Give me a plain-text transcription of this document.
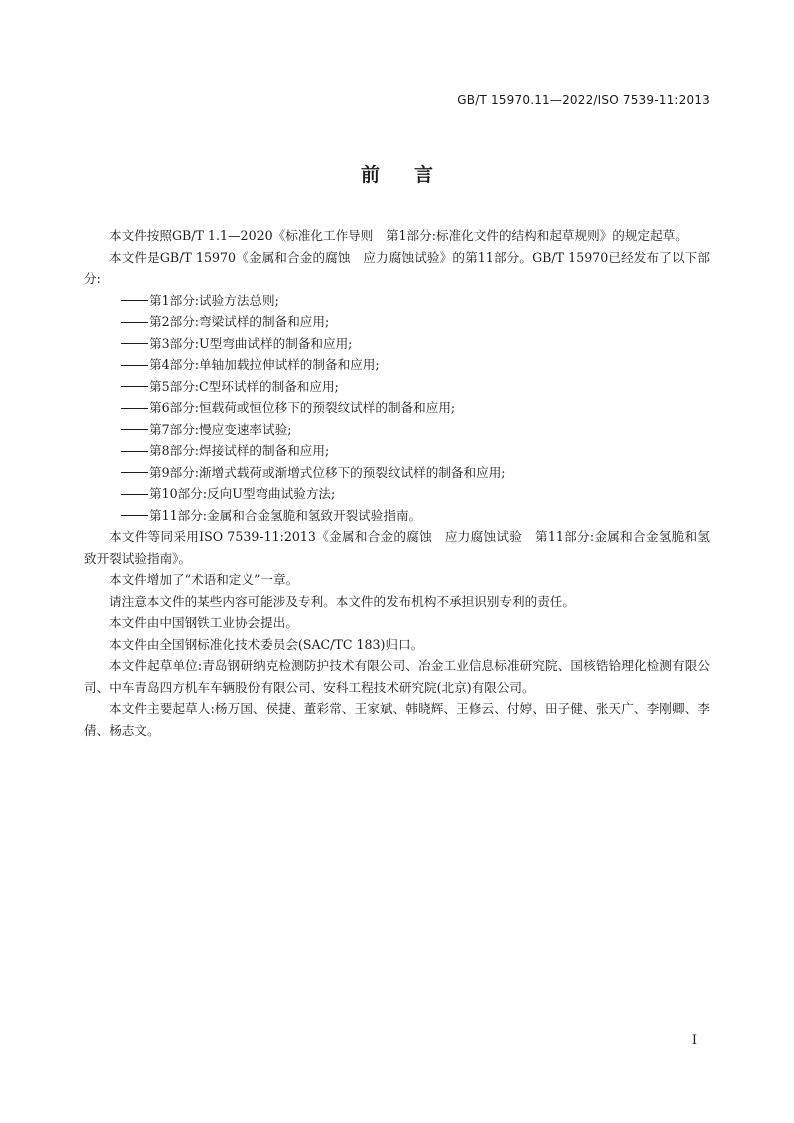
GB/T 15970.11—2022/ISO 7539-11:2013
前言

本文件按照GB/T 1.1—2020《标准化工作导则　第1部分:标准化文件的结构和起草规则》的规定起草。

本文件是GB/T 15970《金属和合金的腐蚀　应力腐蚀试验》的第11部分。GB/T 15970已经发布了以下部分:

第1部分:试验方法总则;

第2部分:弯梁试样的制备和应用;

第3部分:U型弯曲试样的制备和应用;

第4部分:单轴加载拉伸试样的制备和应用;

第5部分:C型环试样的制备和应用;

第6部分:恒载荷或恒位移下的预裂纹试样的制备和应用;

第7部分:慢应变速率试验;

第8部分:焊接试样的制备和应用;

第9部分:渐增式载荷或渐增式位移下的预裂纹试样的制备和应用;

第10部分:反向U型弯曲试验方法;

第11部分:金属和合金氢脆和氢致开裂试验指南。

本文件等同采用ISO 7539-11:2013《金属和合金的腐蚀　应力腐蚀试验　第11部分:金属和合金氢脆和氢致开裂试验指南》。

本文件增加了“术语和定义”一章。

请注意本文件的某些内容可能涉及专利。本文件的发布机构不承担识别专利的责任。

本文件由中国钢铁工业协会提出。

本文件由全国钢标准化技术委员会(SAC/TC 183)归口。

本文件起草单位:青岛钢研纳克检测防护技术有限公司、冶金工业信息标准研究院、国核锆铪理化检测有限公司、中车青岛四方机车车辆股份有限公司、安科工程技术研究院(北京)有限公司。

本文件主要起草人:杨万国、侯捷、董彩常、王家斌、韩晓辉、王修云、付婷、田子健、张天广、李刚卿、李倩、杨志文。

I
